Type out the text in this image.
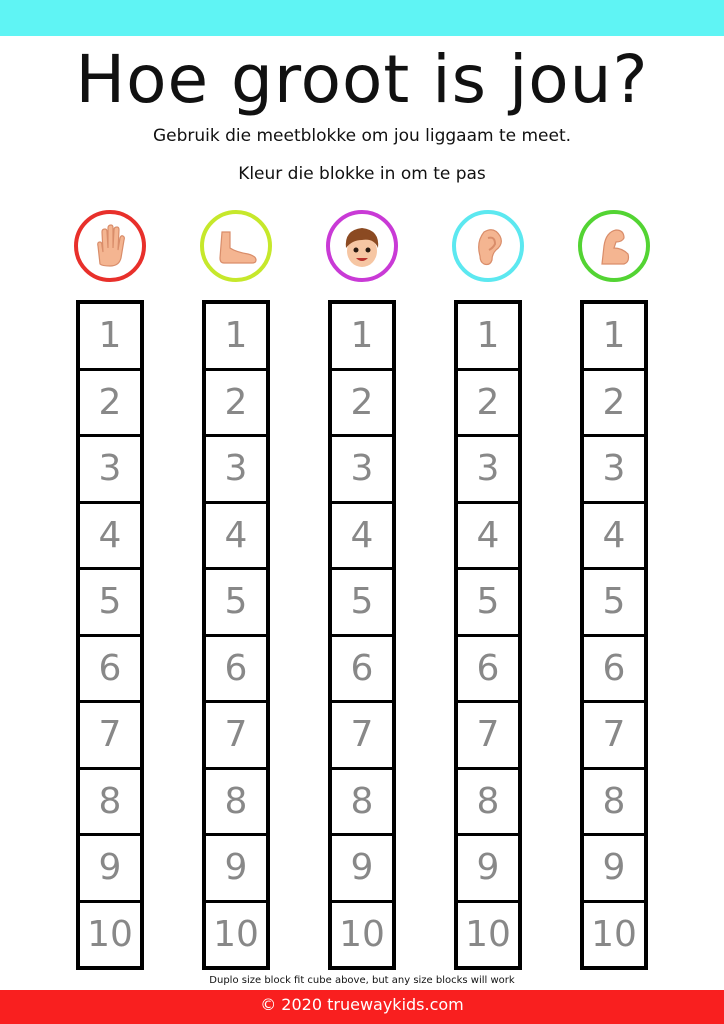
Hoe groot is jou?
Gebruik die meetblokke om jou liggaam te meet.
Kleur die blokke in om te pas
1
2
3
4
5
6
7
8
9
10
1
2
3
4
5
6
7
8
9
10
1
2
3
4
5
6
7
8
9
10
1
2
3
4
5
6
7
8
9
10
1
2
3
4
5
6
7
8
9
10
Duplo size block fit cube above, but any size blocks will work
© 2020 truewaykids.com
